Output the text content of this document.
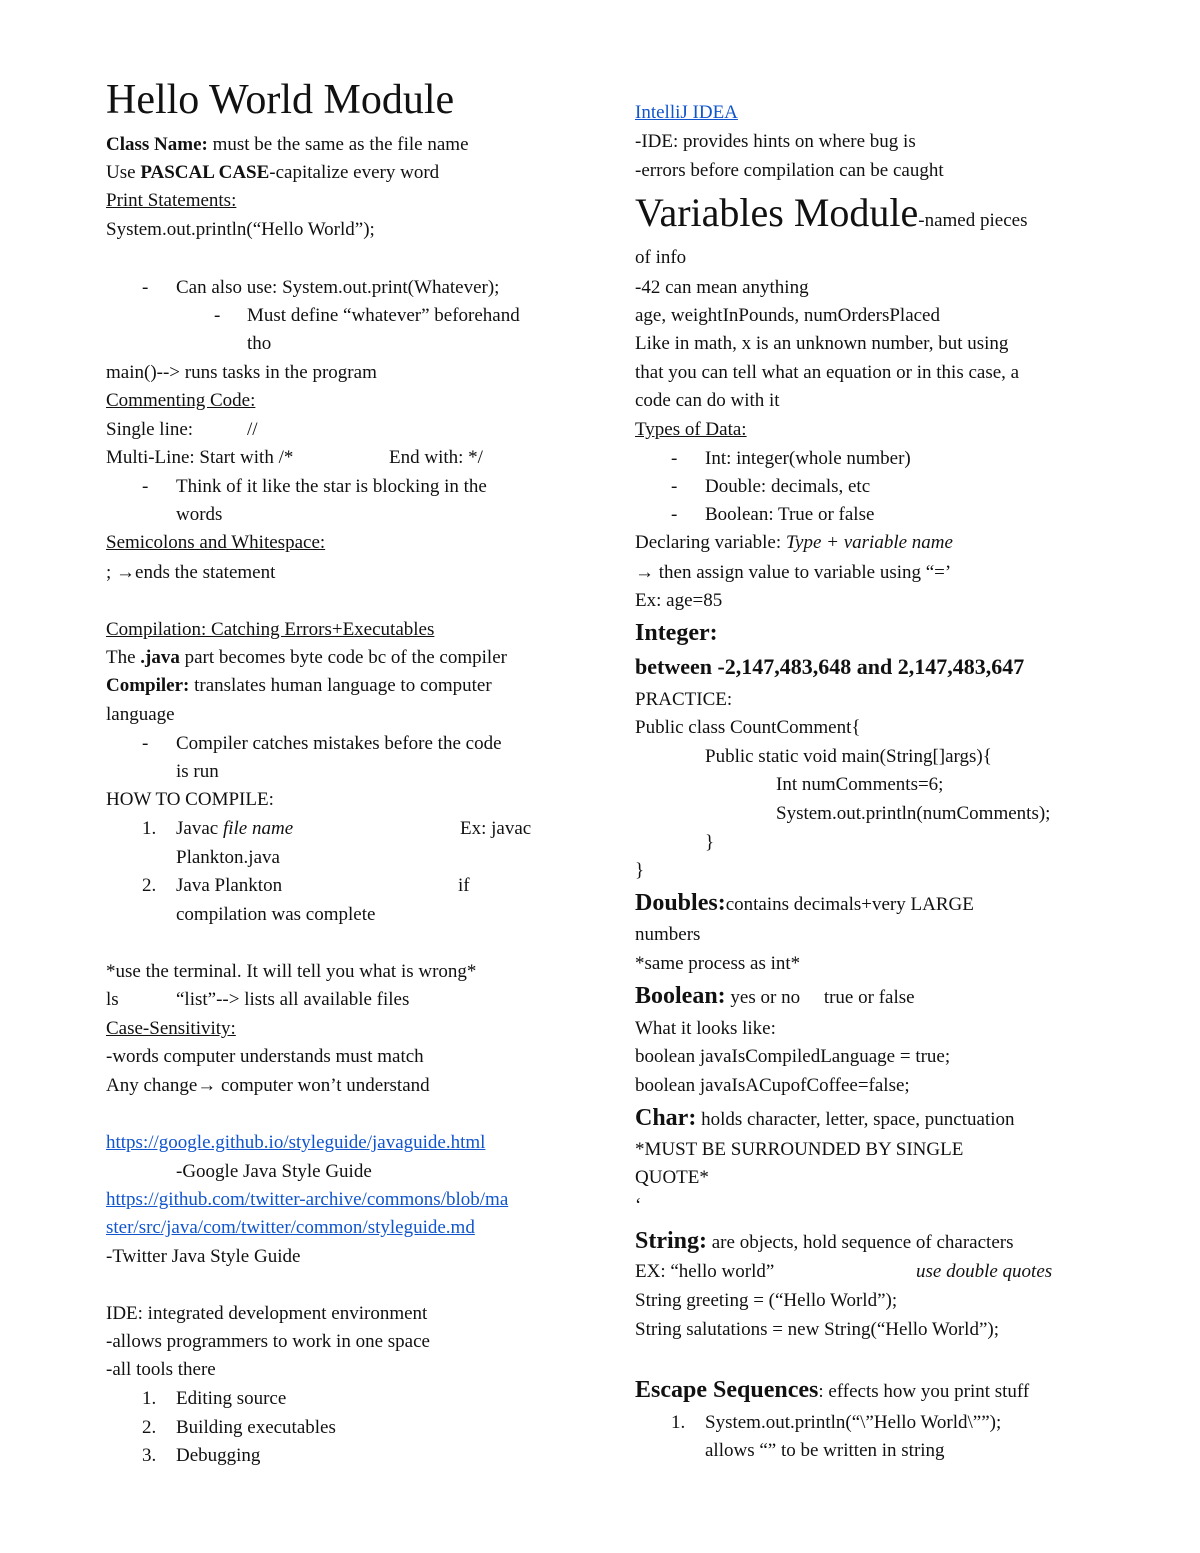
Hello World Module
Class Name: must be the same as the file name
Use PASCAL CASE-capitalize every word
Print Statements:
System.out.println(“Hello World”);
-	Can also use: System.out.print(Whatever);
-	Must define “whatever” beforehand
tho
main()--> runs tasks in the program
Commenting Code:
Single line:	//
Multi-Line: Start with /*	End with: */
-	Think of it like the star is blocking in the
words
Semicolons and Whitespace:
; →ends the statement
Compilation: Catching Errors+Executables
The .java part becomes byte code bc of the compiler
Compiler: translates human language to computer
language
-	Compiler catches mistakes before the code
is run
HOW TO COMPILE:
1.	Javac file name	Ex: javac
Plankton.java
2.	Java Plankton	if
compilation was complete
*use the terminal. It will tell you what is wrong*
ls	“list”--> lists all available files
Case-Sensitivity:
-words computer understands must match
Any change→ computer won’t understand
https://google.github.io/styleguide/javaguide.html
-Google Java Style Guide
https://github.com/twitter-archive/commons/blob/ma
ster/src/java/com/twitter/common/styleguide.md
-Twitter Java Style Guide
IDE: integrated development environment
-allows programmers to work in one space
-all tools there
1.	Editing source
2.	Building executables
3.	Debugging
IntelliJ IDEA
-IDE: provides hints on where bug is
-errors before compilation can be caught
Variables Module-named pieces
of info
-42 can mean anything
age, weightInPounds, numOrdersPlaced
Like in math, x is an unknown number, but using
that you can tell what an equation or in this case, a
code can do with it
Types of Data:
-	Int: integer(whole number)
-	Double: decimals, etc
-	Boolean: True or false
Declaring variable: Type + variable name
→ then assign value to variable using “=’
Ex: age=85
Integer:
between -2,147,483,648 and 2,147,483,647
PRACTICE:
Public class CountComment{
Public static void main(String[]args){
Int numComments=6;
System.out.println(numComments);
}
}
Doubles:contains decimals+very LARGE
numbers
*same process as int*
Boolean: yes or no     true or false
What it looks like:
boolean javaIsCompiledLanguage = true;
boolean javaIsACupofCoffee=false;
Char: holds character, letter, space, punctuation
*MUST BE SURROUNDED BY SINGLE
QUOTE*
‘
String: are objects, hold sequence of characters
EX: “hello world”	use double quotes
String greeting = (“Hello World”);
String salutations = new String(“Hello World”);
Escape Sequences: effects how you print stuff
1.	System.out.println(“\”Hello World\””);
allows “” to be written in string
